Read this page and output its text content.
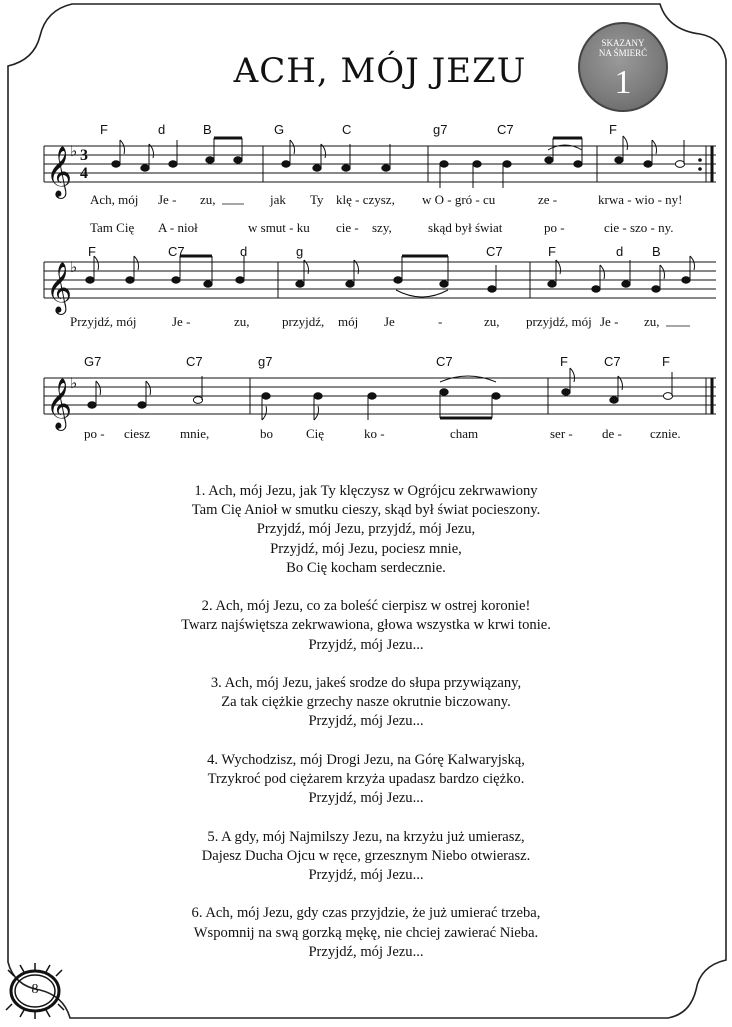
ACH, MÓJ JEZU
SKAZANY
NA ŚMIERĆ
1
𝄞
𝄞
𝄞
♭
♭
♭
3
4
F	d	B	G	C	g7	C7	F
Ach, mój Je - zu,	jak Ty klę - czysz, w O - gró - cu	ze -	krwa - wio - ny!
Tam Cię A - nioł	w smut - ku cie - szy,	skąd był świat	po -	cie - szo - ny.
F	C7	d	g	C7	F	d B
Przyjdź, mój	Je -	zu, przyjdź, mój Je	-	zu, przyjdź, mój Je - zu,
G7	C7	g7	C7	F	C7	F
po - ciesz mnie,	bo	Cię	ko -	cham	ser - de - cznie.
1. Ach, mój Jezu, jak Ty klęczysz w Ogrójcu zekrwawiony
Tam Cię Anioł w smutku cieszy, skąd był świat pocieszony.
Przyjdź, mój Jezu, przyjdź, mój Jezu,
Przyjdź, mój Jezu, pociesz mnie,
Bo Cię kocham serdecznie.
2. Ach, mój Jezu, co za boleść cierpisz w ostrej koronie!
Twarz najświętsza zekrwawiona, głowa wszystka w krwi tonie.
Przyjdź, mój Jezu...
3. Ach, mój Jezu, jakeś srodze do słupa przywiązany,
Za tak ciężkie grzechy nasze okrutnie biczowany.
Przyjdź, mój Jezu...
4. Wychodzisz, mój Drogi Jezu, na Górę Kalwaryjską,
Trzykroć pod ciężarem krzyża upadasz bardzo ciężko.
Przyjdź, mój Jezu...
5. A gdy, mój Najmilszy Jezu, na krzyżu już umierasz,
Dajesz Ducha Ojcu w ręce, grzesznym Niebo otwierasz.
Przyjdź, mój Jezu...
6. Ach, mój Jezu, gdy czas przyjdzie, że już umierać trzeba,
Wspomnij na swą gorzką mękę, nie chciej zawierać Nieba.
Przyjdź, mój Jezu...
8
